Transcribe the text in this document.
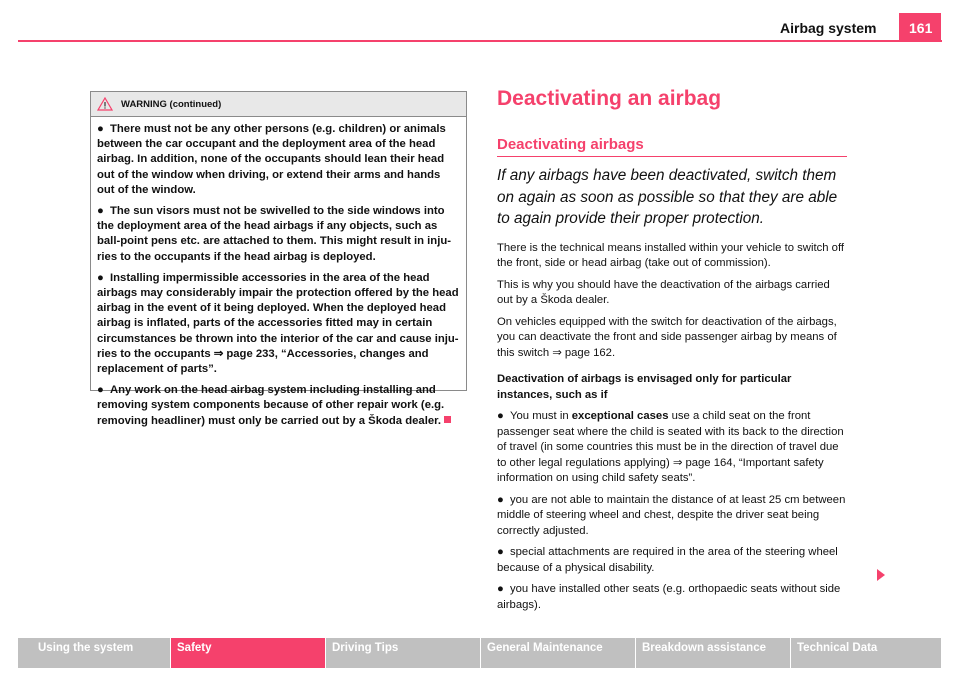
Airbag system	161
WARNING (continued)

● There must not be any other persons (e.g. children) or animals between the car occupant and the deployment area of the head airbag. In addition, none of the occupants should lean their head out of the window when driving, or extend their arms and hands out of the window.

● The sun visors must not be swivelled to the side windows into the deployment area of the head airbags if any objects, such as ball-point pens etc. are attached to them. This might result in inju-ries to the occupants if the head airbag is deployed.

● Installing impermissible accessories in the area of the head airbags may considerably impair the protection offered by the head airbag in the event of it being deployed. When the deployed head airbag is inflated, parts of the accessories fitted may in certain circumstances be thrown into the interior of the car and cause inju-ries to the occupants ⇒ page 233, “Accessories, changes and replacement of parts”.

● Any work on the head airbag system including installing and removing system components because of other repair work (e.g. removing headliner) must only be carried out by a Škoda dealer.

Deactivating an airbag
Deactivating airbags

If any airbags have been deactivated, switch them on again as soon as possible so that they are able to again provide their proper protection.

There is the technical means installed within your vehicle to switch off the front, side or head airbag (take out of commission).

This is why you should have the deactivation of the airbags carried out by a Škoda dealer.

On vehicles equipped with the switch for deactivation of the airbags, you can deactivate the front and side passenger airbag by means of this switch ⇒ page 162.

Deactivation of airbags is envisaged only for particular instances, such as if

● You must in exceptional cases use a child seat on the front passenger seat where the child is seated with its back to the direction of travel (in some countries this must be in the direction of travel due to other legal regulations applying) ⇒ page 164, “Important safety information on using child safety seats”.

● you are not able to maintain the distance of at least 25 cm between middle of steering wheel and chest, despite the driver seat being correctly adjusted.

● special attachments are required in the area of the steering wheel because of a physical disability.

● you have installed other seats (e.g. orthopaedic seats without side airbags).

Using the system	Safety	Driving Tips	General Maintenance	Breakdown assistance	Technical Data
